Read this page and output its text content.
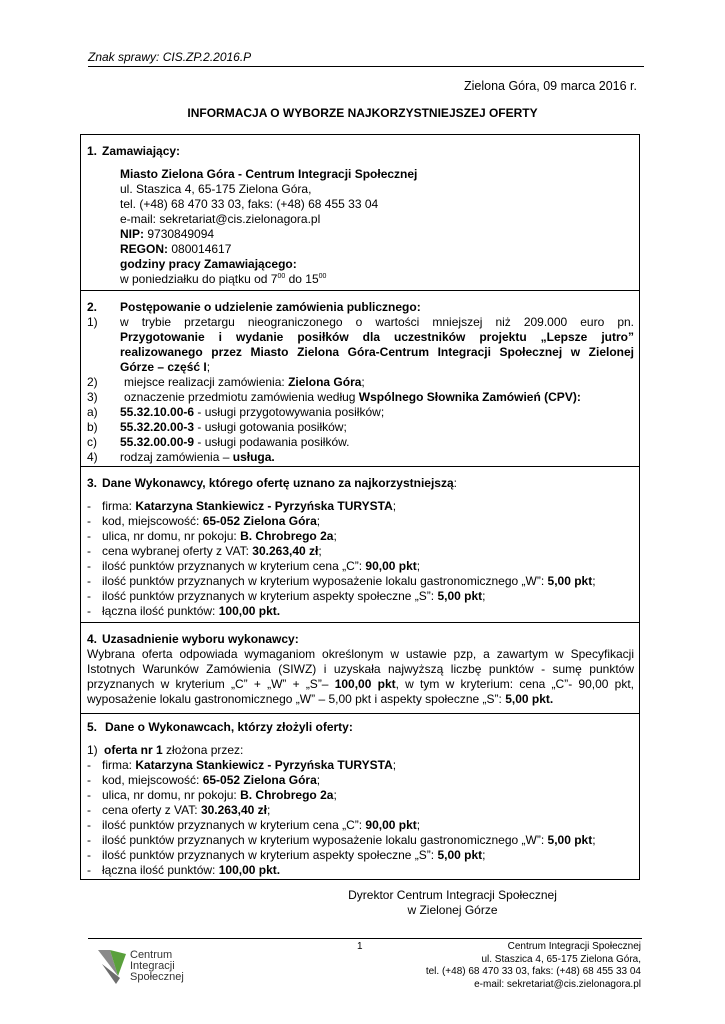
Znak sprawy: CIS.ZP.2.2016.P
Zielona Góra, 09 marca 2016 r.
INFORMACJA O WYBORZE NAJKORZYSTNIEJSZEJ OFERTY
1. Zamawiający:
Miasto Zielona Góra - Centrum Integracji Społecznej
ul. Staszica 4, 65-175 Zielona Góra,
tel. (+48) 68 470 33 03, faks: (+48) 68 455 33 04
e-mail: sekretariat@cis.zielonagora.pl
NIP: 9730849094
REGON: 080014617
godziny pracy Zamawiającego:
w poniedziałku do piątku od $7^{00}$ do $15^{00}$
2. Postępowanie o udzielenie zamówienia publicznego:
1) w trybie przetargu nieograniczonego o wartości mniejszej niż 209.000 euro pn.
Przygotowanie i wydanie posiłków dla uczestników projektu „Lepsze jutro”
realizowanego przez Miasto Zielona Góra-Centrum Integracji Społecznej w Zielonej
Górze – część I;
2) miejsce realizacji zamówienia: Zielona Góra;
3) oznaczenie przedmiotu zamówienia według Wspólnego Słownika Zamówień (CPV):
a) 55.32.10.00-6 - usługi przygotowywania posiłków;
b) 55.32.20.00-3 - usługi gotowania posiłków;
c) 55.32.00.00-9 - usługi podawania posiłków.
4) rodzaj zamówienia – usługa.
3. Dane Wykonawcy, którego ofertę uznano za najkorzystniejszą:
- firma: Katarzyna Stankiewicz - Pyrzyńska TURYSTA;
- kod, miejscowość: 65-052 Zielona Góra;
- ulica, nr domu, nr pokoju: B. Chrobrego 2a;
- cena wybranej oferty z VAT: 30.263,40 zł;
- ilość punktów przyznanych w kryterium cena „C”: 90,00 pkt;
- ilość punktów przyznanych w kryterium wyposażenie lokalu gastronomicznego „W”: 5,00 pkt;
- ilość punktów przyznanych w kryterium aspekty społeczne „S”: 5,00 pkt;
- łączna ilość punktów: 100,00 pkt.
4. Uzasadnienie wyboru wykonawcy:
Wybrana oferta odpowiada wymaganiom określonym w ustawie pzp, a zawartym w Specyfikacji
Istotnych Warunków Zamówienia (SIWZ) i uzyskała najwyższą liczbę punktów - sumę punktów
przyznanych w kryterium „C” + „W” + „S”– 100,00 pkt, w tym w kryterium: cena „C”- 90,00 pkt,
wyposażenie lokalu gastronomicznego „W” – 5,00 pkt i aspekty społeczne „S”: 5,00 pkt.
5. Dane o Wykonawcach, którzy złożyli oferty:
1) oferta nr 1 złożona przez:
- firma: Katarzyna Stankiewicz - Pyrzyńska TURYSTA;
- kod, miejscowość: 65-052 Zielona Góra;
- ulica, nr domu, nr pokoju: B. Chrobrego 2a;
- cena oferty z VAT: 30.263,40 zł;
- ilość punktów przyznanych w kryterium cena „C”: 90,00 pkt;
- ilość punktów przyznanych w kryterium wyposażenie lokalu gastronomicznego „W”: 5,00 pkt;
- ilość punktów przyznanych w kryterium aspekty społeczne „S”: 5,00 pkt;
- łączna ilość punktów: 100,00 pkt.
Dyrektor Centrum Integracji Społecznej
w Zielonej Górze
1
Centrum
Integracji
Społecznej
Centrum Integracji Społecznej
ul. Staszica 4, 65-175 Zielona Góra,
tel. (+48) 68 470 33 03, faks: (+48) 68 455 33 04
e-mail: sekretariat@cis.zielonagora.pl
